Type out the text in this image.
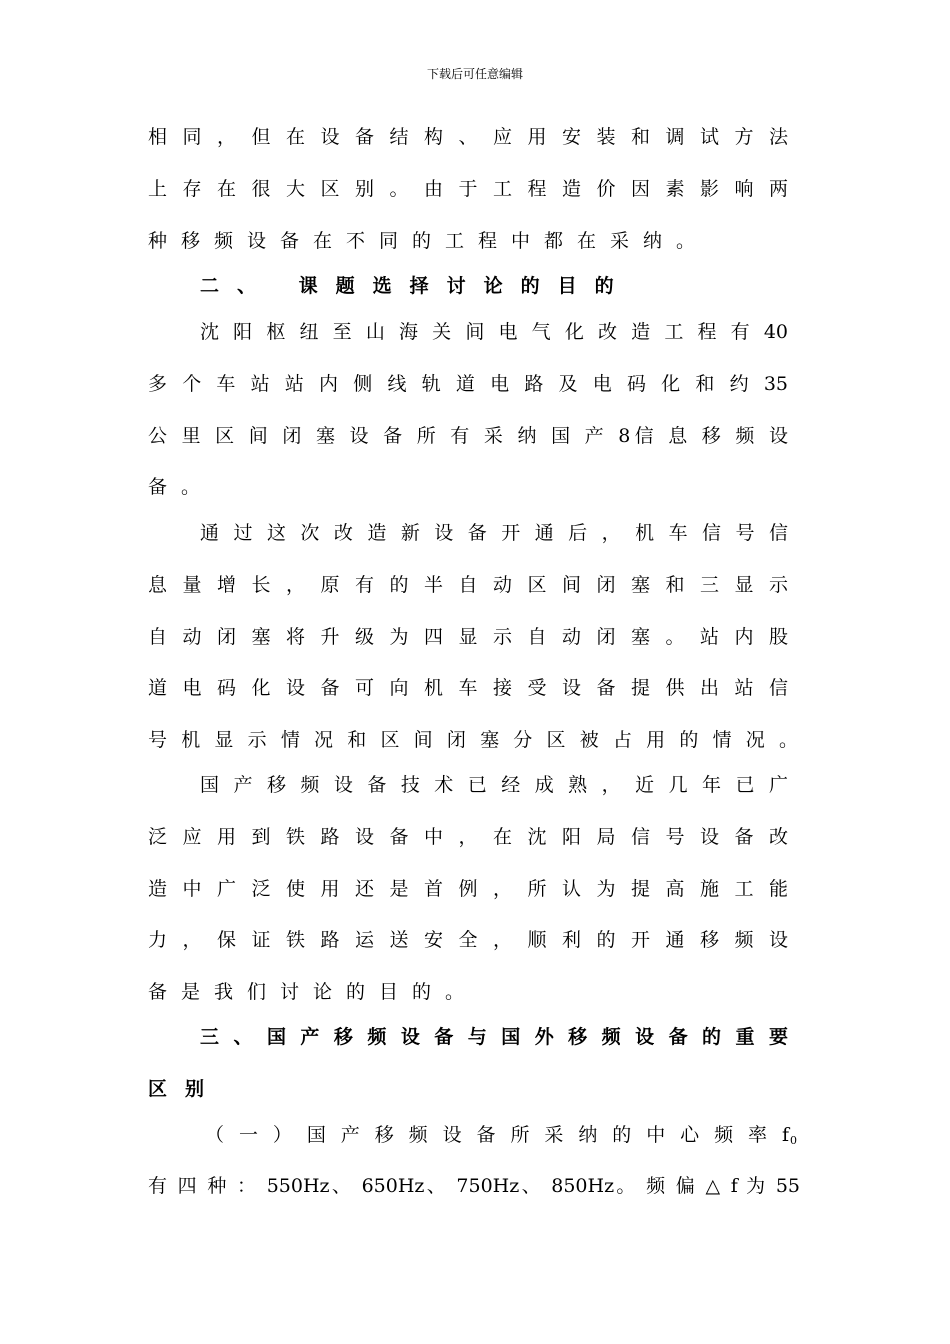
下载后可任意编辑
相 同 ， 但 在 设 备 结 构 、 应 用 安 装 和 调 试 方 法
上 存 在 很 大 区 别 。 由 于 工 程 造 价 因 素 影 响 两
种移频设备在不同的工程中都在采纳。
二、 课题选择讨论的目的
沈 阳 枢 纽 至 山 海 关 间 电 气 化 改 造 工 程 有 40
多 个 车 站 站 内 侧 线 轨 道 电 路 及 电 码 化 和 约 35
公 里 区 间 闭 塞 设 备 所 有 采 纳 国 产 8信 息 移 频 设
备。
通 过 这 次 改 造 新 设 备 开 通 后 ， 机 车 信 号 信
息 量 增 长 ， 原 有 的 半 自 动 区 间 闭 塞 和 三 显 示
自 动 闭 塞 将 升 级 为 四 显 示 自 动 闭 塞 。 站 内 股
道 电 码 化 设 备 可 向 机 车 接 受 设 备 提 供 出 站 信
号 机 显 示 情 况 和 区 间 闭 塞 分 区 被 占 用 的 情 况 。
国 产 移 频 设 备 技 术 已 经 成 熟 ， 近 几 年 已 广
泛 应 用 到 铁 路 设 备 中 ， 在 沈 阳 局 信 号 设 备 改
造 中 广 泛 使 用 还 是 首 例 ， 所 认 为 提 高 施 工 能
力 ， 保 证 铁 路 运 送 安 全 ， 顺 利 的 开 通 移 频 设
备是我们讨论的目的。
三 、 国 产 移 频 设 备 与 国 外 移 频 设 备 的 重 要
区别
（ 一 ） 国 产 移 频 设 备 所 采 纳 的 中 心 频 率 f 0
有 四 种 ： 550Hz、 650Hz、 750Hz、 850Hz。 频 偏 △ f 为 55
